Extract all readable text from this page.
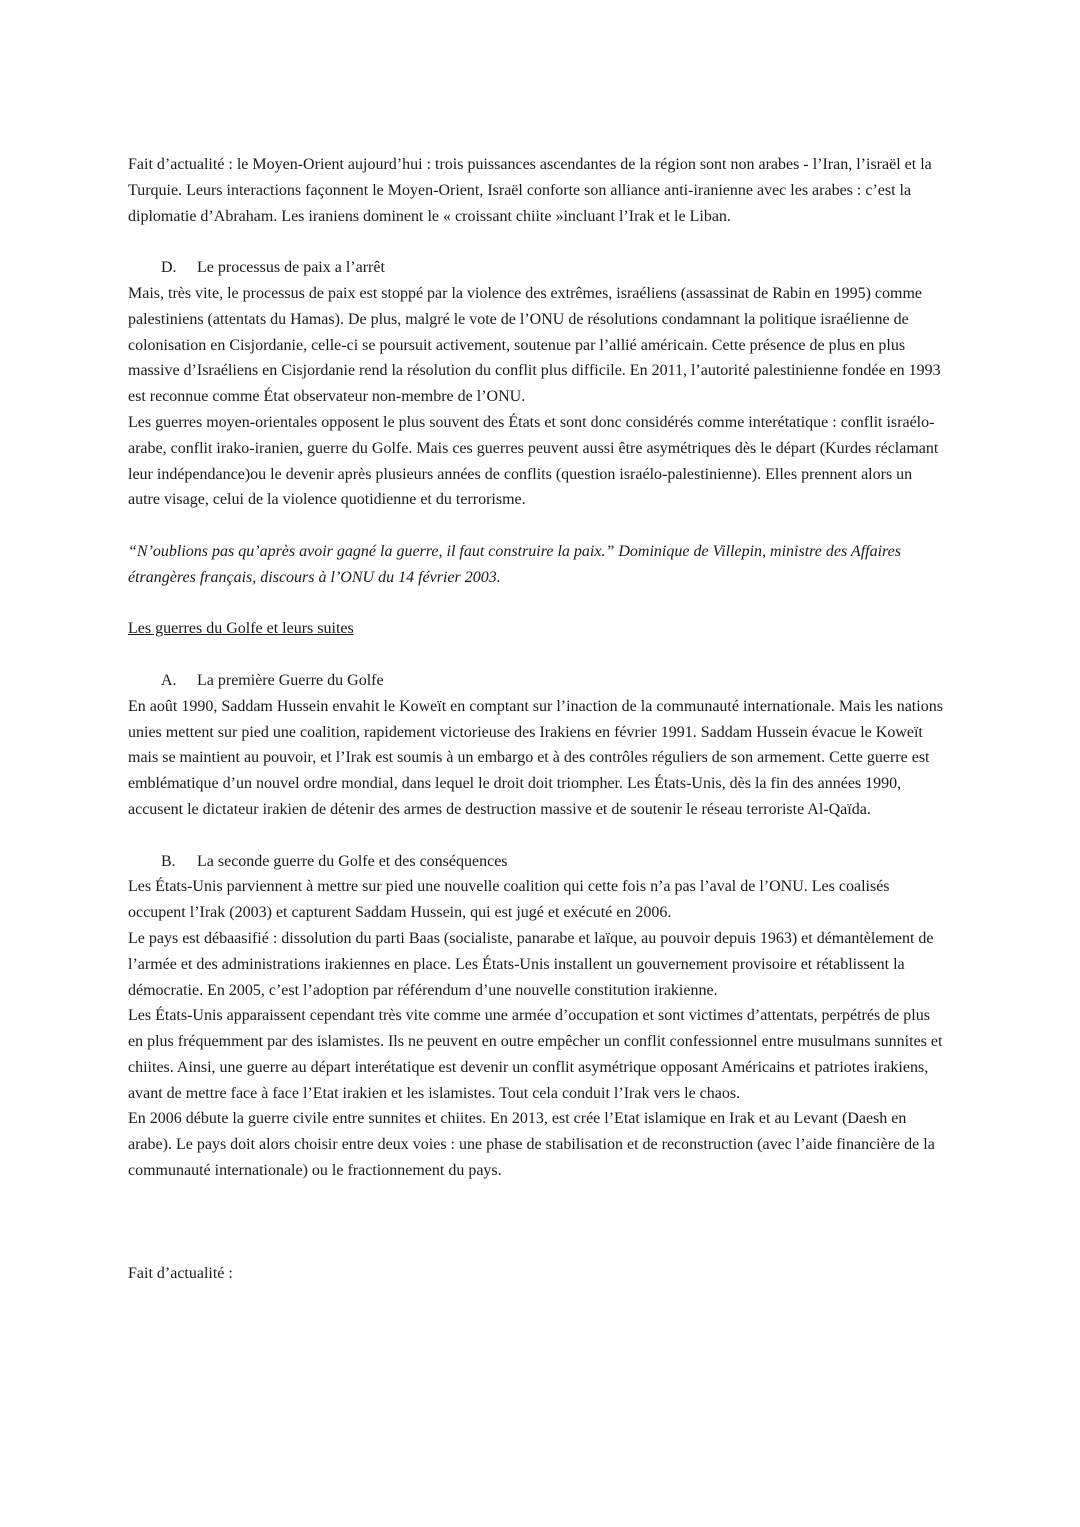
Fait d’actualité : le Moyen-Orient aujourd’hui : trois puissances ascendantes de la région sont non arabes - l’Iran, l’israël et la Turquie. Leurs interactions façonnent le Moyen-Orient, Israël conforte son alliance anti-iranienne avec les arabes : c’est la diplomatie d’Abraham. Les iraniens dominent le « croissant chiite »incluant l’Irak et le Liban.

D. Le processus de paix a l’arrêt

Mais, très vite, le processus de paix est stoppé par la violence des extrêmes, israéliens (assassinat de Rabin en 1995) comme palestiniens (attentats du Hamas). De plus, malgré le vote de l’ONU de résolutions condamnant la politique israélienne de colonisation en Cisjordanie, celle-ci se poursuit activement, soutenue par l’allié américain. Cette présence de plus en plus massive d’Israéliens en Cisjordanie rend la résolution du conflit plus difficile. En 2011, l’autorité palestinienne fondée en 1993 est reconnue comme État observateur non-membre de l’ONU.

Les guerres moyen-orientales opposent le plus souvent des États et sont donc considérés comme interétatique : conflit israélo-arabe, conflit irako-iranien, guerre du Golfe. Mais ces guerres peuvent aussi être asymétriques dès le départ (Kurdes réclamant leur indépendance)ou le devenir après plusieurs années de conflits (question israélo-palestinienne). Elles prennent alors un autre visage, celui de la violence quotidienne et du terrorisme.

“N’oublions pas qu’après avoir gagné la guerre, il faut construire la paix.” Dominique de Villepin, ministre des Affaires étrangères français, discours à l’ONU du 14 février 2003.

Les guerres du Golfe et leurs suites

A. La première Guerre du Golfe

En août 1990, Saddam Hussein envahit le Koweït en comptant sur l’inaction de la communauté internationale. Mais les nations unies mettent sur pied une coalition, rapidement victorieuse des Irakiens en février 1991. Saddam Hussein évacue le Koweït mais se maintient au pouvoir, et l’Irak est soumis à un embargo et à des contrôles réguliers de son armement. Cette guerre est emblématique d’un nouvel ordre mondial, dans lequel le droit doit triompher. Les États-Unis, dès la fin des années 1990, accusent le dictateur irakien de détenir des armes de destruction massive et de soutenir le réseau terroriste Al-Qaïda.

B. La seconde guerre du Golfe et des conséquences

Les États-Unis parviennent à mettre sur pied une nouvelle coalition qui cette fois n’a pas l’aval de l’ONU. Les coalisés occupent l’Irak (2003) et capturent Saddam Hussein, qui est jugé et exécuté en 2006.

Le pays est débaasifié : dissolution du parti Baas (socialiste, panarabe et laïque, au pouvoir depuis 1963) et démantèlement de l’armée et des administrations irakiennes en place. Les États-Unis installent un gouvernement provisoire et rétablissent la démocratie. En 2005, c’est l’adoption par référendum d’une nouvelle constitution irakienne.

Les États-Unis apparaissent cependant très vite comme une armée d’occupation et sont victimes d’attentats, perpétrés de plus en plus fréquemment par des islamistes. Ils ne peuvent en outre empêcher un conflit confessionnel entre musulmans sunnites et chiites. Ainsi, une guerre au départ interétatique est devenir un conflit asymétrique opposant Américains et patriotes irakiens, avant de mettre face à face l’Etat irakien et les islamistes. Tout cela conduit l’Irak vers le chaos.

En 2006 débute la guerre civile entre sunnites et chiites. En 2013, est crée l’Etat islamique en Irak et au Levant (Daesh en arabe). Le pays doit alors choisir entre deux voies : une phase de stabilisation et de reconstruction (avec l’aide financière de la communauté internationale) ou le fractionnement du pays.

Fait d’actualité :
